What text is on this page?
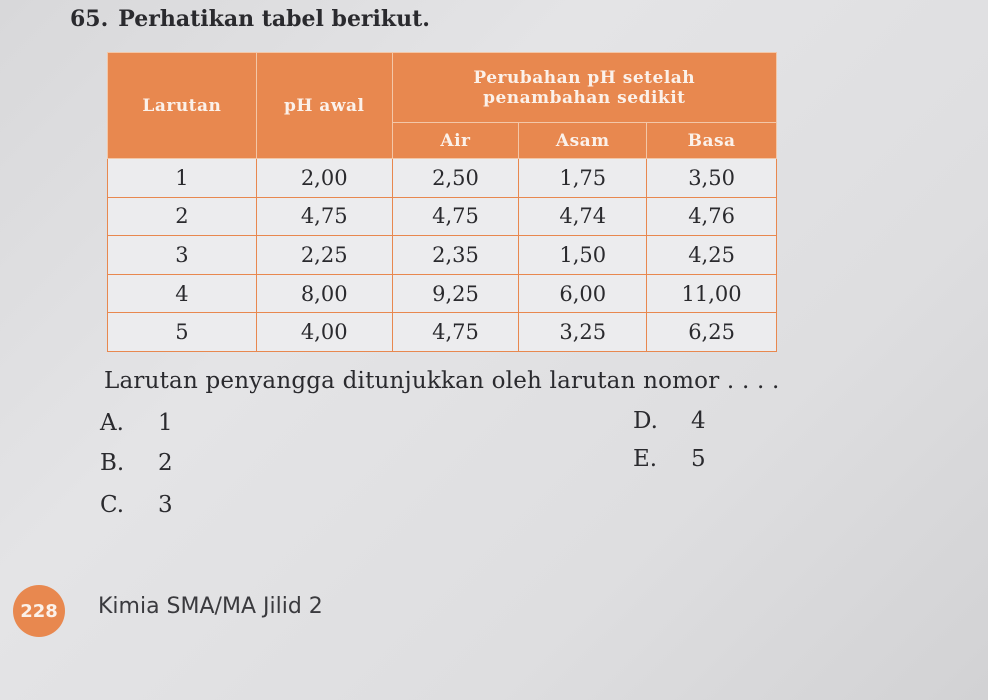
65. Perhatikan tabel berikut.
Larutan	pH awal	Perubahan pH setelah
penambahan sedikit		

		Air	Asam	Basa
1	2,00	2,50	1,75	3,50
2	4,75	4,75	4,74	4,76
3	2,25	2,35	1,50	4,25
4	8,00	9,25	6,00	11,00
5	4,00	4,75	3,25	6,25
Larutan penyangga ditunjukkan oleh larutan nomor . . . .
A. 1
B. 2
C. 3
D. 4
E. 5
228	Kimia SMA/MA Jilid 2
